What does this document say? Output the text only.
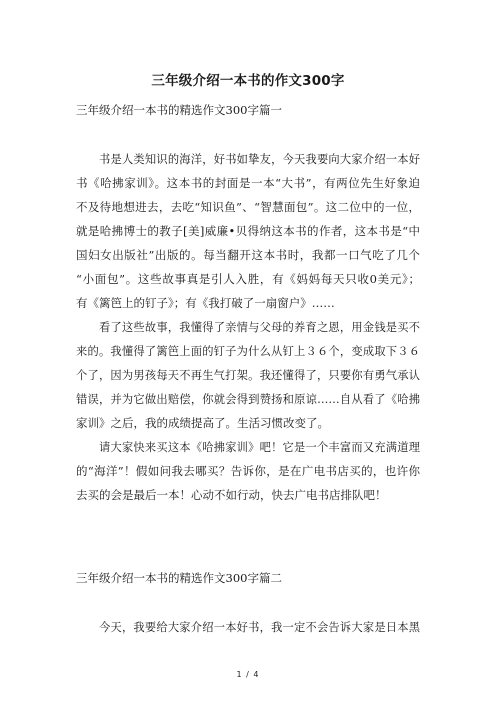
三年级介绍一本书的作文300字
三年级介绍一本书的精选作文300字篇一
书是人类知识的海洋，好书如挚友，今天我要向大家介绍一本好
书《哈拂家训》。这本书的封面是一本“大书”，有两位先生好象迫
不及待地想进去，去吃“知识鱼”、“智慧面包”。这二位中的一位，
就是哈拂博士的教子[美]威廉•贝得纳这本书的作者，这本书是“中
国妇女出版社”出版的。每当翻开这本书时，我都一口气吃了几个
“小面包”。这些故事真是引人入胜，有《妈妈每天只收0美元》；
有《篱笆上的钉子》；有《我打破了一扇窗户》……
看了这些故事，我懂得了亲情与父母的养育之恩，用金钱是买不
来的。我懂得了篱笆上面的钉子为什么从钉上３６个，变成取下３６
个了，因为男孩每天不再生气打架。我还懂得了，只要你有勇气承认
错误，并为它做出赔偿，你就会得到赞扬和原谅……自从看了《哈拂
家训》之后，我的成绩提高了。生活习惯改变了。
请大家快来买这本《哈拂家训》吧！它是一个丰富而又充满道理
的“海洋”！假如问我去哪买？告诉你，是在广电书店买的，也许你
去买的会是最后一本！心动不如行动，快去广电书店排队吧！
三年级介绍一本书的精选作文300字篇二
今天，我要给大家介绍一本好书，我一定不会告诉大家是日本黑
1 / 4
